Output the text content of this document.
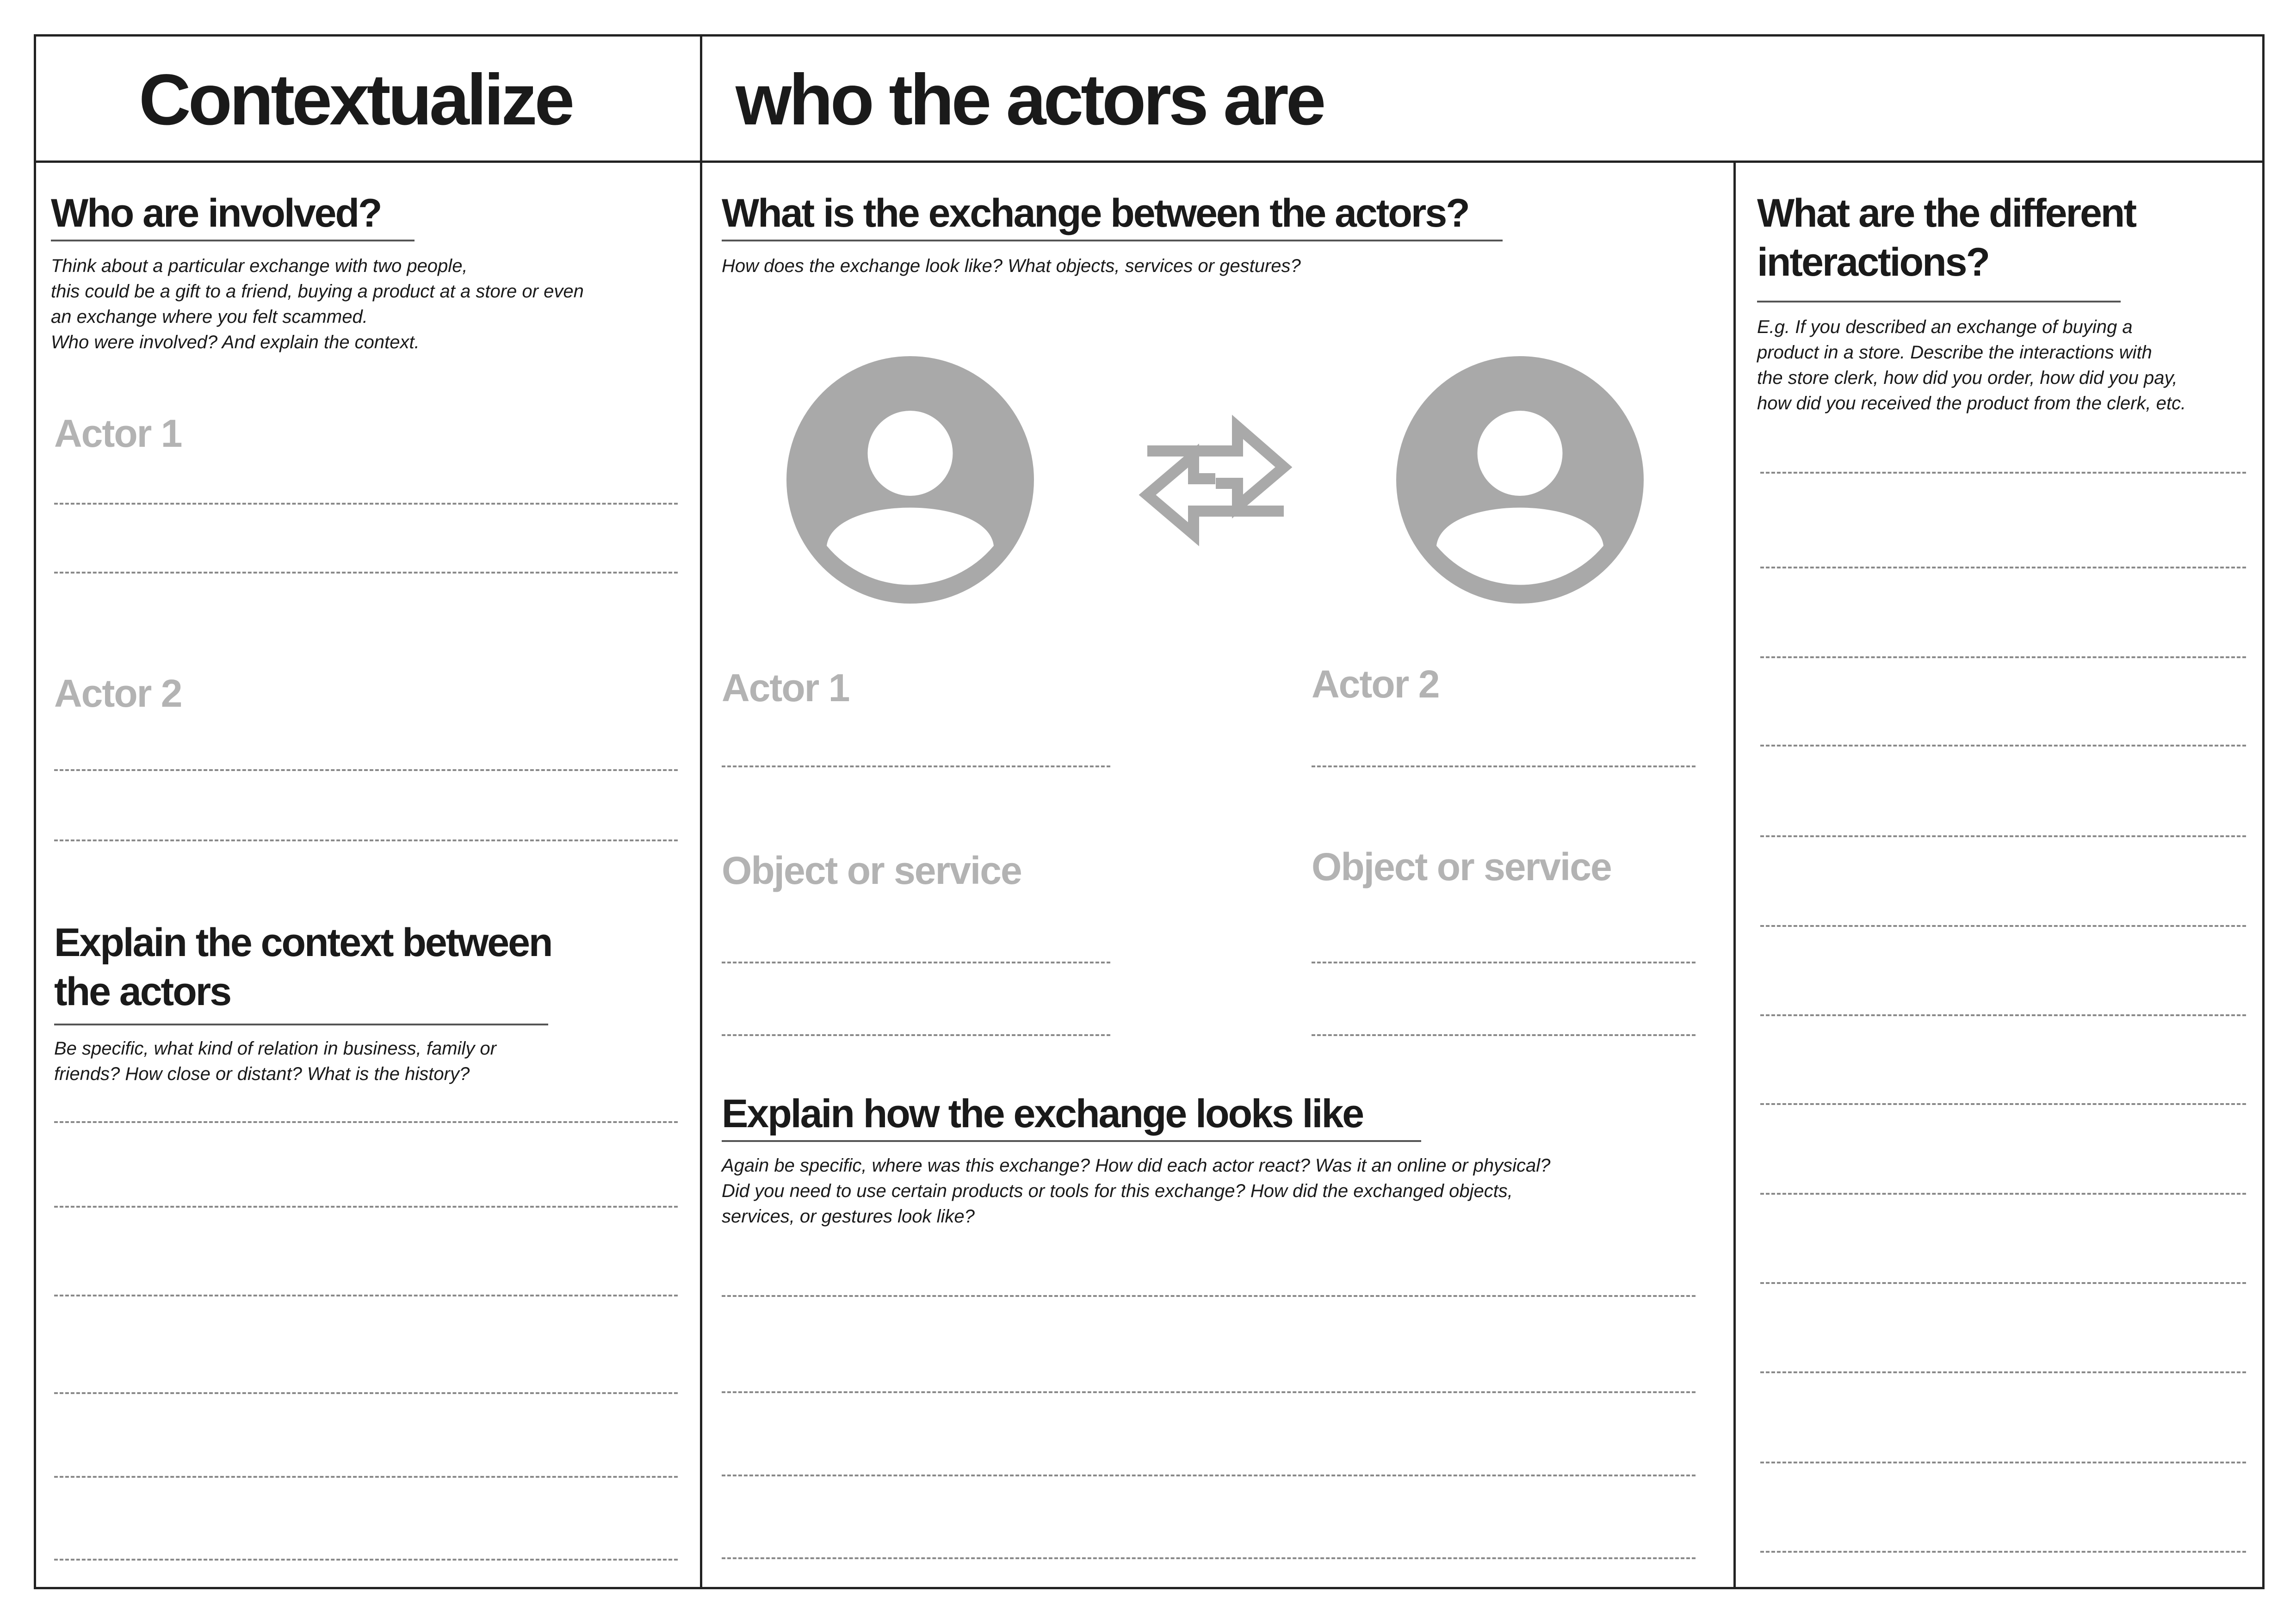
Contextualize who the actors are
Who are involved?

Think about a particular exchange with two people,
this could be a gift to a friend, buying a product at a store or even
an exchange where you felt scammed.
Who were involved? And explain the context.

Actor 1
Actor 2
Explain the context between the actors

Be specific, what kind of relation in business, family or
friends? How close or distant? What is the history?

What is the exchange between the actors?

How does the exchange look like? What objects, services or gestures?

Actor 1	Actor 2
Object or service	Object or service
Explain how the exchange looks like

Again be specific, where was this exchange? How did each actor react? Was it an online or physical?
Did you need to use certain products or tools for this exchange? How did the exchanged objects,
services, or gestures look like?

What are the different interactions?

E.g. If you described an exchange of buying a
product in a store. Describe the interactions with
the store clerk, how did you order, how did you pay,
how did you received the product from the clerk, etc.
